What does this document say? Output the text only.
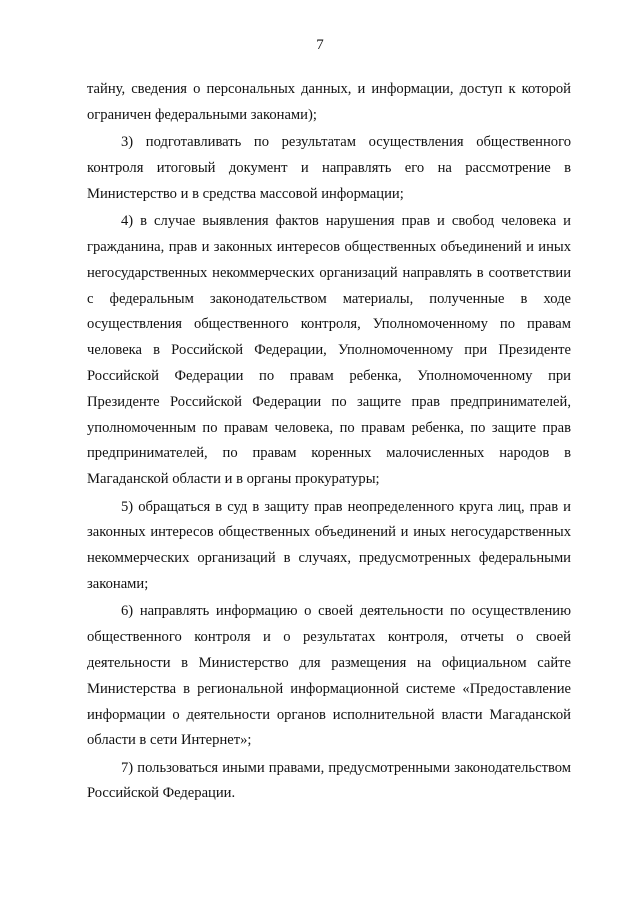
7

тайну, сведения о персональных данных, и информации, доступ к которой ограничен федеральными законами);

3) подготавливать по результатам осуществления общественного контроля итоговый документ и направлять его на рассмотрение в Министерство и в средства массовой информации;

4) в случае выявления фактов нарушения прав и свобод человека и гражданина, прав и законных интересов общественных объединений и иных негосударственных некоммерческих организаций направлять в соответствии с федеральным законодательством материалы, полученные в ходе осуществления общественного контроля, Уполномоченному по правам человека в Российской Федерации, Уполномоченному при Президенте Российской Федерации по правам ребенка, Уполномоченному при Президенте Российской Федерации по защите прав предпринимателей, уполномоченным по правам человека, по правам ребенка, по защите прав предпринимателей, по правам коренных малочисленных народов в Магаданской области и в органы прокуратуры;

5) обращаться в суд в защиту прав неопределенного круга лиц, прав и законных интересов общественных объединений и иных негосударственных некоммерческих организаций в случаях, предусмотренных федеральными законами;

6) направлять информацию о своей деятельности по осуществлению общественного контроля и о результатах контроля, отчеты о своей деятельности в Министерство для размещения на официальном сайте Министерства в региональной информационной системе «Предоставление информации о деятельности органов исполнительной власти Магаданской области в сети Интернет»;

7) пользоваться иными правами, предусмотренными законодательством Российской Федерации.
